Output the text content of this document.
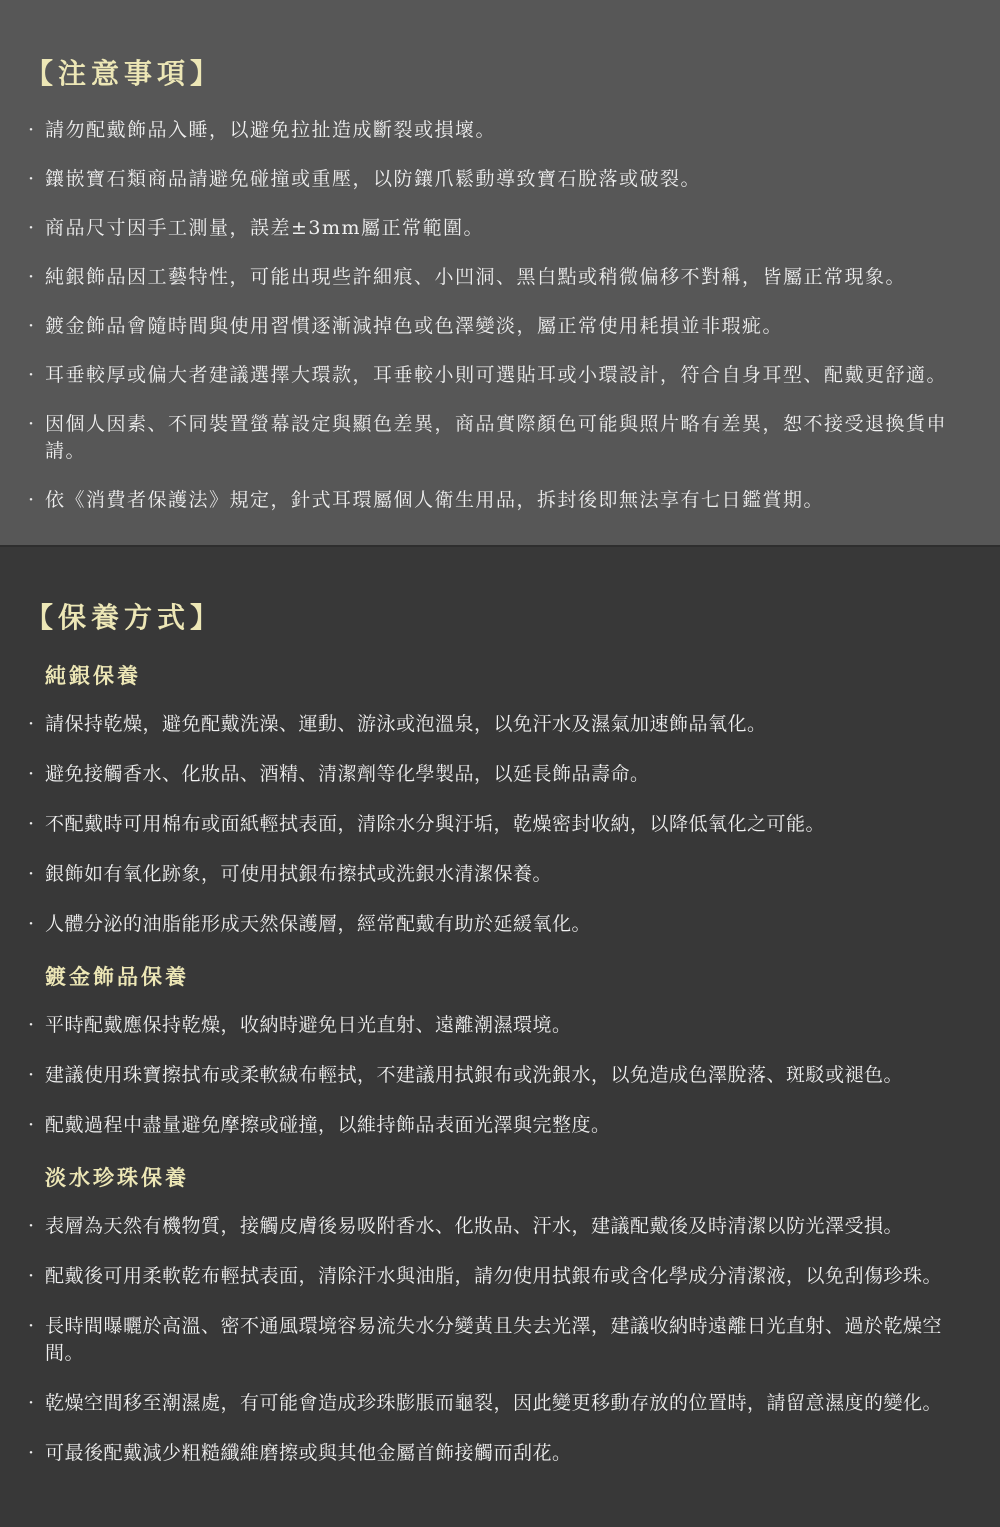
【注意事項】
· 請勿配戴飾品入睡，以避免拉扯造成斷裂或損壞。
· 鑲嵌寶石類商品請避免碰撞或重壓，以防鑲爪鬆動導致寶石脫落或破裂。
· 商品尺寸因手工測量，誤差±3mm屬正常範圍。
· 純銀飾品因工藝特性，可能出現些許細痕、小凹洞、黑白點或稍微偏移不對稱，皆屬正常現象。
· 鍍金飾品會隨時間與使用習慣逐漸減掉色或色澤變淡，屬正常使用耗損並非瑕疵。
· 耳垂較厚或偏大者建議選擇大環款，耳垂較小則可選貼耳或小環設計，符合自身耳型、配戴更舒適。
· 因個人因素、不同裝置螢幕設定與顯色差異，商品實際顏色可能與照片略有差異，恕不接受退換貨申請。
· 依《消費者保護法》規定，針式耳環屬個人衛生用品，拆封後即無法享有七日鑑賞期。
【保養方式】
純銀保養
· 請保持乾燥，避免配戴洗澡、運動、游泳或泡溫泉，以免汗水及濕氣加速飾品氧化。
· 避免接觸香水、化妝品、酒精、清潔劑等化學製品，以延長飾品壽命。
· 不配戴時可用棉布或面紙輕拭表面，清除水分與汙垢，乾燥密封收納，以降低氧化之可能。
· 銀飾如有氧化跡象，可使用拭銀布擦拭或洗銀水清潔保養。
· 人體分泌的油脂能形成天然保護層，經常配戴有助於延緩氧化。
鍍金飾品保養
· 平時配戴應保持乾燥，收納時避免日光直射、遠離潮濕環境。
· 建議使用珠寶擦拭布或柔軟絨布輕拭，不建議用拭銀布或洗銀水，以免造成色澤脫落、斑駁或褪色。
· 配戴過程中盡量避免摩擦或碰撞，以維持飾品表面光澤與完整度。
淡水珍珠保養
· 表層為天然有機物質，接觸皮膚後易吸附香水、化妝品、汗水，建議配戴後及時清潔以防光澤受損。
· 配戴後可用柔軟乾布輕拭表面，清除汗水與油脂，請勿使用拭銀布或含化學成分清潔液，以免刮傷珍珠。
· 長時間曝曬於高溫、密不通風環境容易流失水分變黃且失去光澤，建議收納時遠離日光直射、過於乾燥空間。
· 乾燥空間移至潮濕處，有可能會造成珍珠膨脹而龜裂，因此變更移動存放的位置時，請留意濕度的變化。
· 可最後配戴減少粗糙纖維磨擦或與其他金屬首飾接觸而刮花。
